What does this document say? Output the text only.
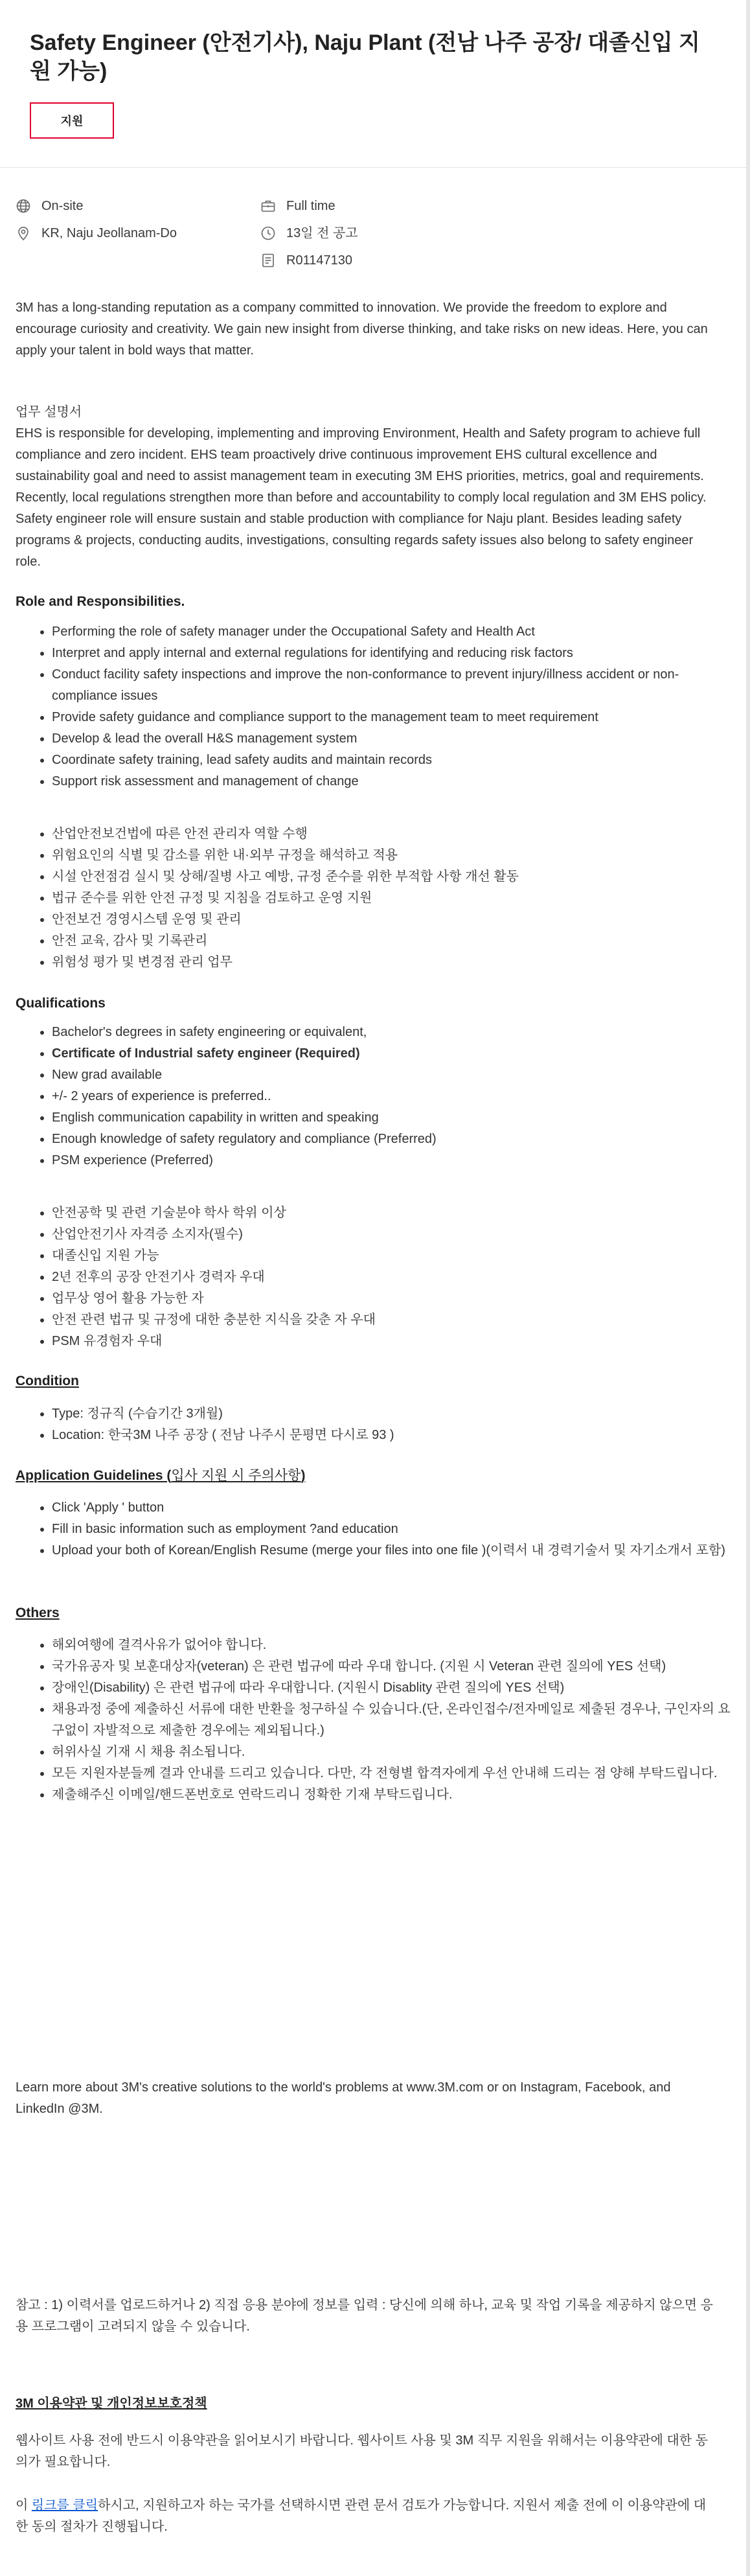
Safety Engineer (안전기사), Naju Plant (전남 나주 공장/ 대졸신입 지원 가능)
지원
On-site
KR, Naju Jeollanam-Do
Full time
13일 전 공고
R01147130

3M has a long-standing reputation as a company committed to innovation. We provide the freedom to explore and encourage curiosity and creativity. We gain new insight from diverse thinking, and take risks on new ideas. Here, you can apply your talent in bold ways that matter.

업무 설명서

EHS is responsible for developing, implementing and improving Environment, Health and Safety program to achieve full compliance and zero incident. EHS team proactively drive continuous improvement EHS cultural excellence and sustainability goal and need to assist management team in executing 3M EHS priorities, metrics, goal and requirements. Recently, local regulations strengthen more than before and accountability to comply local regulation and 3M EHS policy. Safety engineer role will ensure sustain and stable production with compliance for Naju plant. Besides leading safety programs & projects, conducting audits, investigations, consulting regards safety issues also belong to safety engineer role.

Role and Responsibilities.
• Performing the role of safety manager under the Occupational Safety and Health Act
• Interpret and apply internal and external regulations for identifying and reducing risk factors
• Conduct facility safety inspections and improve the non-conformance to prevent injury/illness accident or non-compliance issues
• Provide safety guidance and compliance support to the management team to meet requirement
• Develop & lead the overall H&S management system
• Coordinate safety training, lead safety audits and maintain records
• Support risk assessment and management of change
• 산업안전보건법에 따른 안전 관리자 역할 수행
• 위험요인의 식별 및 감소를 위한 내·외부 규정을 해석하고 적용
• 시설 안전점검 실시 및 상해/질병 사고 예방, 규정 준수를 위한 부적합 사항 개선 활동
• 법규 준수를 위한 안전 규정 및 지침을 검토하고 운영 지원
• 안전보건 경영시스템 운영 및 관리
• 안전 교육, 감사 및 기록관리
• 위험성 평가 및 변경점 관리 업무
Qualifications
• Bachelor's degrees in safety engineering or equivalent,
• Certificate of Industrial safety engineer (Required)
• New grad available
• +/- 2 years of experience is preferred..
• English communication capability in written and speaking
• Enough knowledge of safety regulatory and compliance (Preferred)
• PSM experience (Preferred)
• 안전공학 및 관련 기술분야 학사 학위 이상
• 산업안전기사 자격증 소지자(필수)
• 대졸신입 지원 가능
• 2년 전후의 공장 안전기사 경력자 우대
• 업무상 영어 활용 가능한 자
• 안전 관련 법규 및 규정에 대한 충분한 지식을 갖춘 자 우대
• PSM 유경험자 우대
Condition
• Type: 정규직 (수습기간 3개월)
• Location: 한국3M 나주 공장 ( 전남 나주시 문평면 다시로 93 )
Application Guidelines (입사 지원 시 주의사항)
• Click 'Apply ' button
• Fill in basic information such as employment ?and education
• Upload your both of Korean/English Resume (merge your files into one file )(이력서 내 경력기술서 및 자기소개서 포함)
Others
• 해외여행에 결격사유가 없어야 합니다.
• 국가유공자 및 보훈대상자(veteran) 은 관련 법규에 따라 우대 합니다. (지원 시 Veteran 관련 질의에 YES 선택)
• 장애인(Disability) 은 관련 법규에 따라 우대합니다. (지원시 Disablity 관련 질의에 YES 선택)
• 채용과정 중에 제출하신 서류에 대한 반환을 청구하실 수 있습니다.(단, 온라인접수/전자메일로 제출된 경우나, 구인자의 요구없이 자발적으로 제출한 경우에는 제외됩니다.)
• 허위사실 기재 시 채용 취소됩니다.
• 모든 지원자분들께 결과 안내를 드리고 있습니다. 다만, 각 전형별 합격자에게 우선 안내해 드리는 점 양해 부탁드립니다.
• 제출해주신 이메일/핸드폰번호로 연락드리니 정확한 기재 부탁드립니다.

Learn more about 3M's creative solutions to the world's problems at www.3M.com or on Instagram, Facebook, and LinkedIn @3M.

참고 : 1) 이력서를 업로드하거나 2) 직접 응용 분야에 정보를 입력 : 당신에 의해 하나, 교육 및 작업 기록을 제공하지 않으면 응용 프로그램이 고려되지 않을 수 있습니다.

3M 이용약관 및 개인정보보호정책

웹사이트 사용 전에 반드시 이용약관을 읽어보시기 바랍니다. 웹사이트 사용 및 3M 직무 지원을 위해서는 이용약관에 대한 동의가 필요합니다.

이 링크를 클릭하시고, 지원하고자 하는 국가를 선택하시면 관련 문서 검토가 가능합니다. 지원서 제출 전에 이 이용약관에 대한 동의 절차가 진행됩니다.
